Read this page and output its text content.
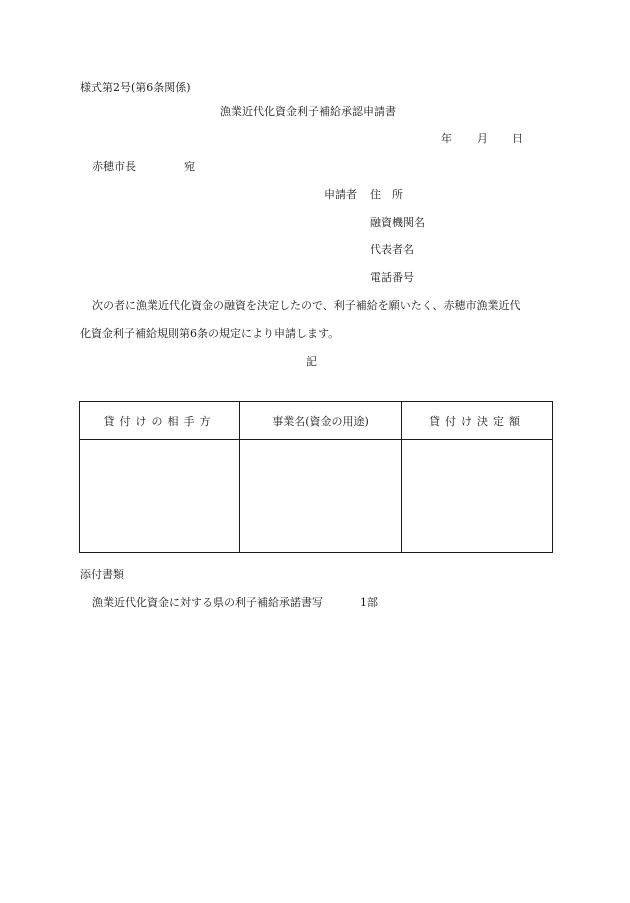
様式第2号(第6条関係)
漁業近代化資金利子補給承認申請書
年 月 日
赤穂市長	宛
申請者 住　所
融資機関名
代表者名
電話番号
次の者に漁業近代化資金の融資を決定したので、利子補給を願いたく、赤穂市漁業近代
化資金利子補給規則第6条の規定により申請します。
記
貸付けの相手方	事業名(資金の用途)	貸付け決定額

添付書類
漁業近代化資金に対する県の利子補給承諾書写	1部
